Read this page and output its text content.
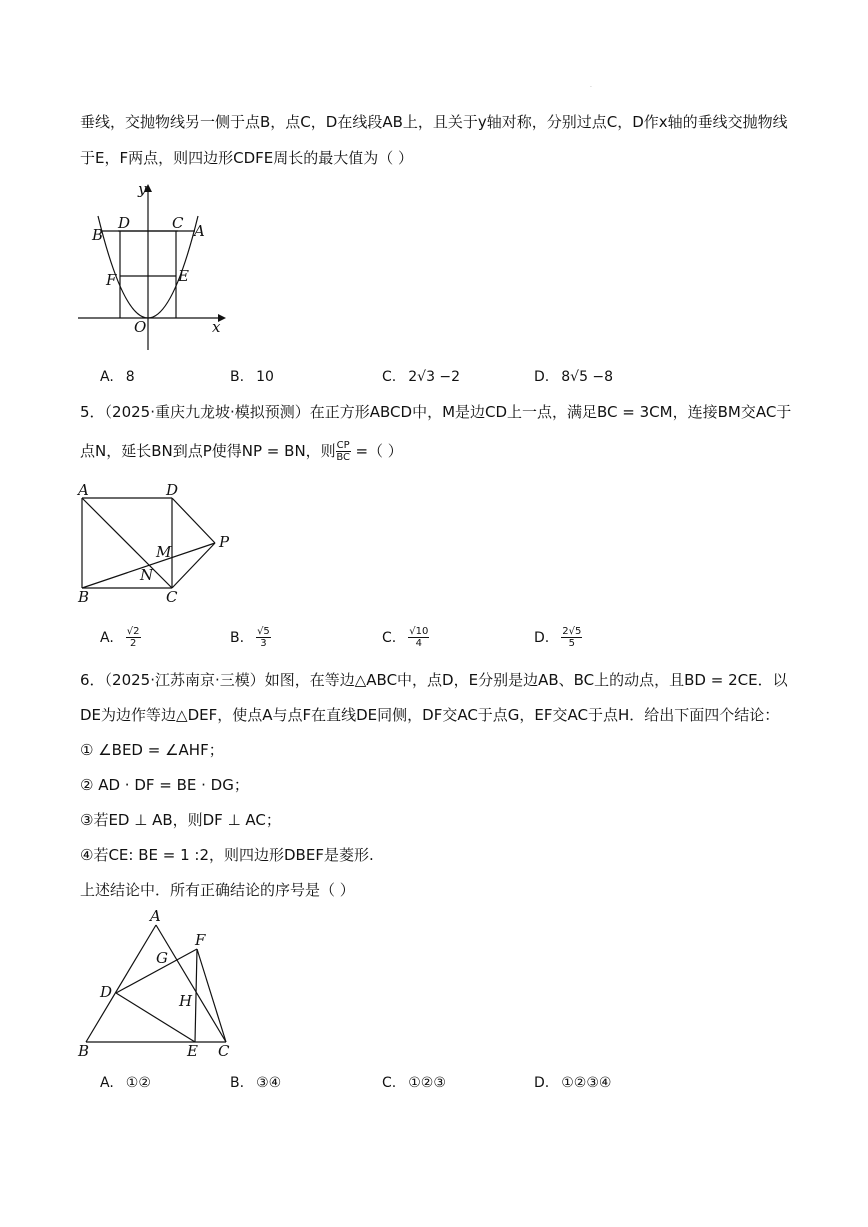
.
垂线，交抛物线另一侧于点B，点C，D在线段AB上，且关于y轴对称，分别过点C，D作x轴的垂线交抛物线
于E，F两点，则四边形CDFE周长的最大值为（ ）
y
x
O
D	C
B	A
F	E
A. 8	B. 10	C. 2√3 −2	D. 8√5 −8
5．（2025·重庆九龙坡·模拟预测）在正方形ABCD中，M是边CD上一点，满足BC = 3CM，连接BM交AC于
点N，延长BN到点P使得NP = BN，则 $\frac{CP}{BC}$ =（ ）
A	D
B	C
M
N
P
A. $\frac{√2}{2}$	B. $\frac{√5}{3}$	C. $\frac{√10}{4}$	D. $\frac{2√5}{5}$
6．（2025·江苏南京·三模）如图，在等边△ABC中，点D，E分别是边AB、BC上的动点，且BD = 2CE．以
DE为边作等边△DEF，使点A与点F在直线DE同侧，DF交AC于点G，EF交AC于点H．给出下面四个结论：
① ∠BED = ∠AHF；
② AD · DF = BE · DG；
③若ED ⊥ AB，则DF ⊥ AC；
④若CE: BE = 1 :2，则四边形DBEF是菱形.
上述结论中．所有正确结论的序号是（ ）
A
F
G
D	H
B	E C
A. ①②	B. ③④	C. ①②③	D. ①②③④
